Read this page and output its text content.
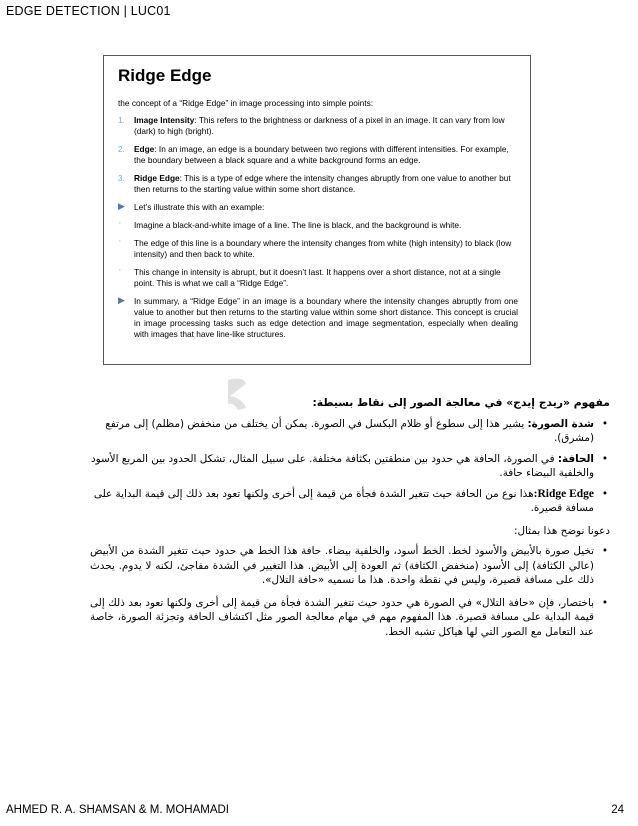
EDGE DETECTION | LUC01
Ridge Edge

the concept of a “Ridge Edge” in image processing into simple points:

1. Image Intensity: This refers to the brightness or darkness of a pixel in an image. It can vary from low (dark) to high (bright).
2. Edge: In an image, an edge is a boundary between two regions with different intensities. For example, the boundary between a black square and a white background forms an edge.
3. Ridge Edge: This is a type of edge where the intensity changes abruptly from one value to another but then returns to the starting value within some short distance.
▶ Let’s illustrate this with an example:
· Imagine a black-and-white image of a line. The line is black, and the background is white.
· The edge of this line is a boundary where the intensity changes from white (high intensity) to black (low intensity) and then back to white.
· This change in intensity is abrupt, but it doesn’t last. It happens over a short distance, not at a single point. This is what we call a “Ridge Edge”.
▶ In summary, a “Ridge Edge” in an image is a boundary where the intensity changes abruptly from one value to another but then returns to the starting value within some short distance. This concept is crucial in image processing tasks such as edge detection and image segmentation, especially when dealing with images that have line-like structures.

مفهوم «ريدج إيدج» في معالجة الصور إلى نقاط بسيطة:

•
شدة الصورة: يشير هذا إلى سطوع أو ظلام البكسل في الصورة. يمكن أن يختلف من منخفض (مظلم) إلى مرتفع (مشرق).

•
الحافة: في الصورة، الحافة هي حدود بين منطقتين بكثافة مختلفة. على سبيل المثال، تشكل الحدود بين المربع الأسود والخلفية البيضاء حافة.

•
Ridge Edge:هذا نوع من الحافة حيث تتغير الشدة فجأة من قيمة إلى أخرى ولكنها تعود بعد ذلك إلى قيمة البداية على مسافة قصيرة.

دعونا نوضح هذا بمثال:

•
تخيل صورة بالأبيض والأسود لخط. الخط أسود، والخلفية بيضاء. حافة هذا الخط هي حدود حيث تتغير الشدة من الأبيض (عالي الكثافة) إلى الأسود (منخفض الكثافة) ثم العودة إلى الأبيض. هذا التغيير في الشدة مفاجئ، لكنه لا يدوم. يحدث ذلك على مسافة قصيرة، وليس في نقطة واحدة. هذا ما نسميه «حافة التلال».

•
باختصار، فإن «حافة التلال» في الصورة هي حدود حيث تتغير الشدة فجأة من قيمة إلى أخرى ولكنها تعود بعد ذلك إلى قيمة البداية على مسافة قصيرة. هذا المفهوم مهم في مهام معالجة الصور مثل اكتشاف الحافة وتجزئة الصورة، خاصة عند التعامل مع الصور التي لها هياكل تشبه الخط.

AHMED R. A. SHAMSAN & M. MOHAMADI	24
